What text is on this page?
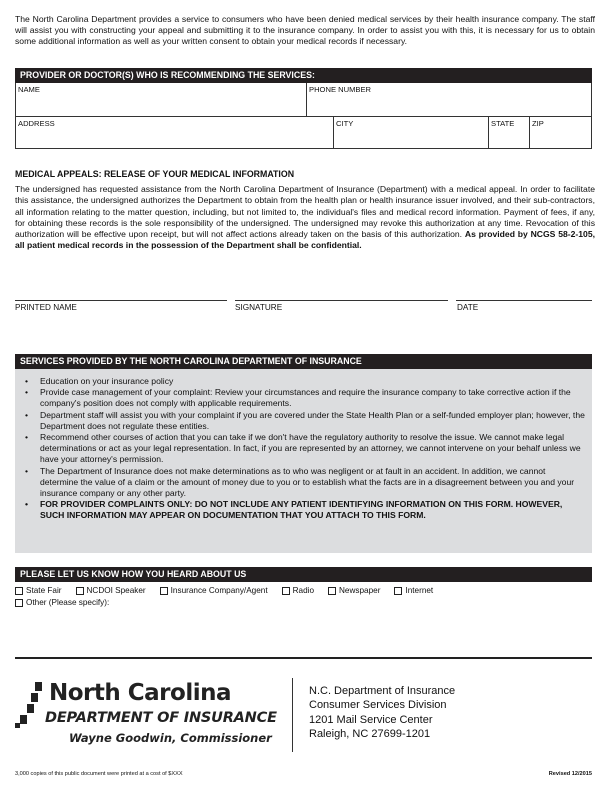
The North Carolina Department provides a service to consumers who have been denied medical services by their health insurance company. The staff will assist you with constructing your appeal and submitting it to the insurance company. In order to assist you with this, it is necessary for us to obtain some additional information as well as your written consent to obtain your medical records if necessary.
PROVIDER OR DOCTOR(S) WHO IS RECOMMENDING THE SERVICES:
NAME	PHONE NUMBER
ADDRESS	CITY	STATE	ZIP
MEDICAL APPEALS: RELEASE OF YOUR MEDICAL INFORMATION
The undersigned has requested assistance from the North Carolina Department of Insurance (Department) with a medical appeal. In order to facilitate this assistance, the undersigned authorizes the Department to obtain from the health plan or health insurance issuer involved, and their sub-contractors, all information relating to the matter question, including, but not limited to, the individual's files and medical record information. Payment of fees, if any, for obtaining these records is the sole responsibility of the undersigned. The undersigned may revoke this authorization at any time. Revocation of this authorization will be effective upon receipt, but will not affect actions already taken on the basis of this authorization. As provided by NCGS 58-2-105, all patient medical records in the possession of the Department shall be confidential.
PRINTED NAME	SIGNATURE	DATE
SERVICES PROVIDED BY THE NORTH CAROLINA DEPARTMENT OF INSURANCE
• Education on your insurance policy
• Provide case management of your complaint: Review your circumstances and require the insurance company to take corrective action if the company's position does not comply with applicable requirements.
• Department staff will assist you with your complaint if you are covered under the State Health Plan or a self-funded employer plan; however, the Department does not regulate these entities.
• Recommend other courses of action that you can take if we don't have the regulatory authority to resolve the issue. We cannot make legal determinations or act as your legal representation. In fact, if you are represented by an attorney, we cannot intervene on your behalf unless we have your attorney's permission.
• The Department of Insurance does not make determinations as to who was negligent or at fault in an accident. In addition, we cannot determine the value of a claim or the amount of money due to you or to establish what the facts are in a disagreement between you and your insurance company or any other party.
• FOR PROVIDER COMPLAINTS ONLY: DO NOT INCLUDE ANY PATIENT IDENTIFYING INFORMATION ON THIS FORM. HOWEVER, SUCH INFORMATION MAY APPEAR ON DOCUMENTATION THAT YOU ATTACH TO THIS FORM.
PLEASE LET US KNOW HOW YOU HEARD ABOUT US
State Fair	NCDOI Speaker	Insurance Company/Agent	Radio	Newspaper	Internet
Other (Please specify):
North Carolina
DEPARTMENT OF INSURANCE
Wayne Goodwin, Commissioner
N.C. Department of Insurance
Consumer Services Division
1201 Mail Service Center
Raleigh, NC 27699-1201
3,000 copies of this public document were printed at a cost of $XXX	Revised 12/2015
